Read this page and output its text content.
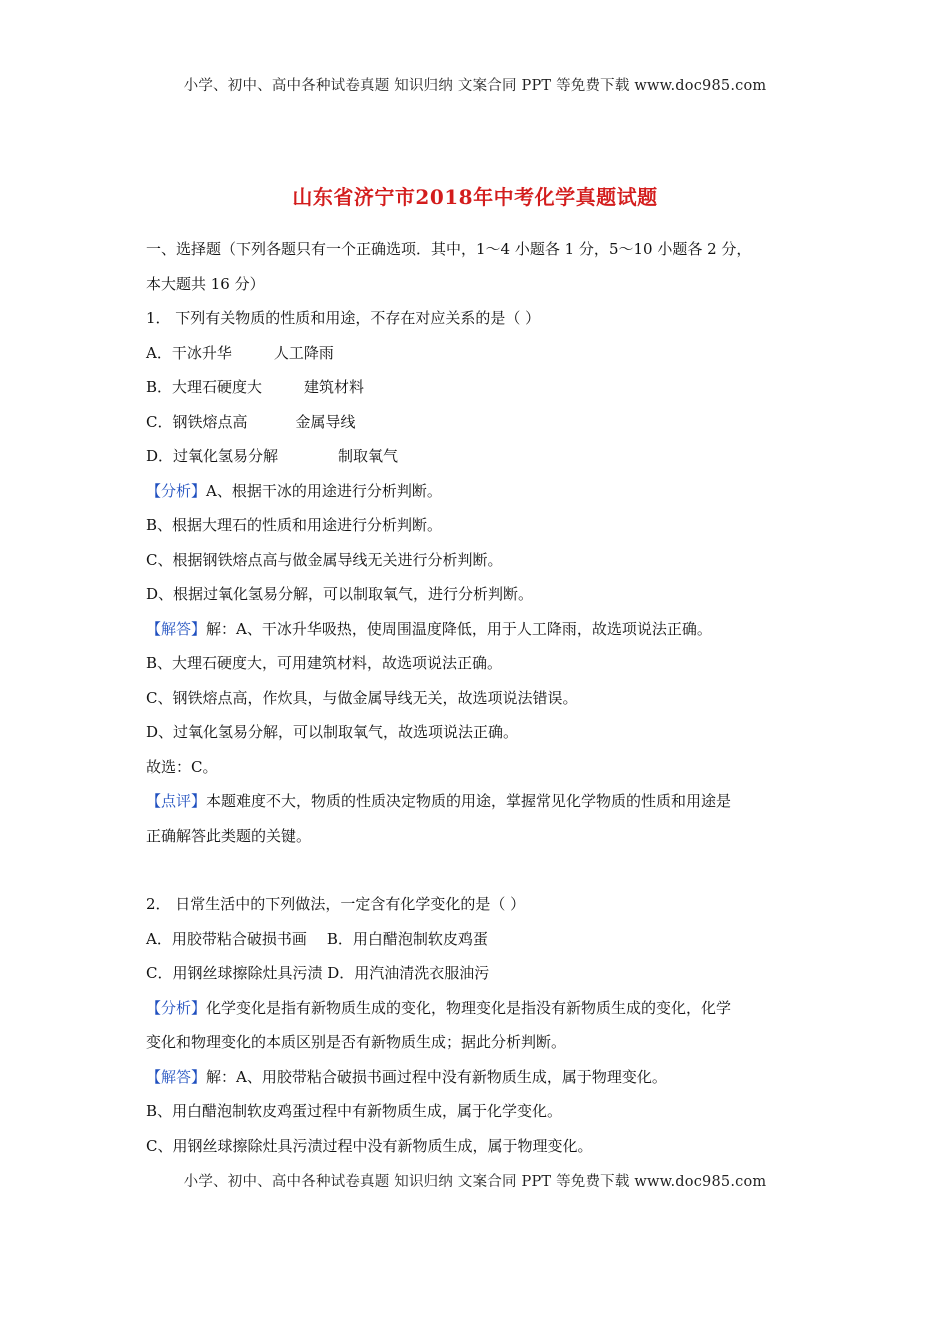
小学、初中、高中各种试卷真题 知识归纳 文案合同 PPT 等免费下载 www.doc985.com
山东省济宁市2018年中考化学真题试题
一、选择题（下列各题只有一个正确选项．其中，1～4 小题各 1 分，5～10 小题各 2 分，
本大题共 16 分）
1． 下列有关物质的性质和用途，不存在对应关系的是（ ）
A．干冰升华	人工降雨
B．大理石硬度大	建筑材料
C．钢铁熔点高	金属导线
D．过氧化氢易分解	制取氧气
【分析】A、根据干冰的用途进行分析判断。
B、根据大理石的性质和用途进行分析判断。
C、根据钢铁熔点高与做金属导线无关进行分析判断。
D、根据过氧化氢易分解，可以制取氧气，进行分析判断。
【解答】解：A、干冰升华吸热，使周围温度降低，用于人工降雨，故选项说法正确。
B、大理石硬度大，可用建筑材料，故选项说法正确。
C、钢铁熔点高，作炊具，与做金属导线无关，故选项说法错误。
D、过氧化氢易分解，可以制取氧气，故选项说法正确。
故选：C。
【点评】本题难度不大，物质的性质决定物质的用途，掌握常见化学物质的性质和用途是
正确解答此类题的关键。
2． 日常生活中的下列做法，一定含有化学变化的是（ ）
A．用胶带粘合破损书画 B．用白醋泡制软皮鸡蛋
C．用钢丝球擦除灶具污渍 D．用汽油清洗衣服油污
【分析】化学变化是指有新物质生成的变化，物理变化是指没有新物质生成的变化，化学
变化和物理变化的本质区别是否有新物质生成；据此分析判断。
【解答】解：A、用胶带粘合破损书画过程中没有新物质生成，属于物理变化。
B、用白醋泡制软皮鸡蛋过程中有新物质生成，属于化学变化。
C、用钢丝球擦除灶具污渍过程中没有新物质生成，属于物理变化。
小学、初中、高中各种试卷真题 知识归纳 文案合同 PPT 等免费下载 www.doc985.com
